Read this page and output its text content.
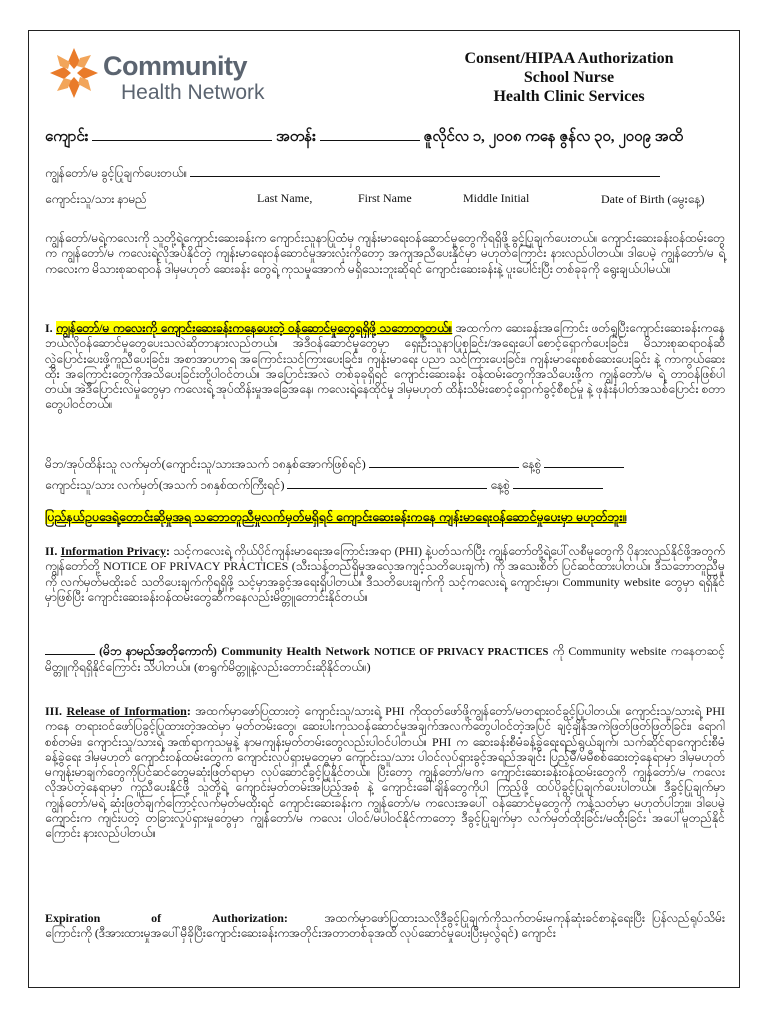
Community
Health Network
Consent/HIPAA Authorization
School Nurse
Health Clinic Services
ကျောင်း	အတန်း	ဇူလိုင်လ ၁, ၂၀၀၈ ကနေ ဇွန်လ ၃၀, ၂၀၀၉ အထိ
ကျွန်တော်/မ ခွင့်ပြုချက်ပေးတယ်။
ကျောင်းသူ/သား နာမည်	Last Name,	First Name	Middle Initial	Date of Birth (မွေးနေ့)
ကျွန်တော်/မရဲ့ကလေးကို သူတို့ရဲ့ကျောင်းဆေးခန်းက ကျောင်းသူနာပြုထံမှ ကျန်းမာရေးဝန်ဆောင်မှုတွေကိုရရှိဖို့ ခွင့်ပြုချက်ပေးတယ်။ ကျောင်းဆေးခန်းဝန်ထမ်းတွေက ကျွန်တော်/မ ကလေးရဲ့လိုအပ်နိုင်တဲ့ ကျန်းမာရေးဝန်ဆောင်မှုအားလုံးကိုတော့ အကျအညီပေးနိုင်မှာ မဟုတ်ကြောင်း နားလည်ပါတယ်။ ဒါပေမဲ့ ကျွန်တော်/မ ရဲ့ကလေးက မိသားစုဆရာဝန် ဒါမှမဟုတ် ဆေးခန်း တွေရဲ့ ကုသမှုအောက် မရှိသေးဘူးဆိုရင် ကျောင်းဆေးခန်းနဲ့ ပူးပေါင်းပြီး တစ်ခုခုကို ရွေးချယ်ပါမယ်။
I. ကျွန်တော်/မ ကလေးကို ကျောင်းဆေးခန်းကနေပေးတဲ့ ဝန်ဆောင်မှုတွေရရှိဖို့ သဘောတူတယ်။ အထက်က ဆေးခန်းအကြောင်း ဖတ်ရှုပြီးကျောင်းဆေးခန်းကနေဘယ်လိုဝန်ဆောင်မှုတွေပေးသလဲဆိုတာနားလည်တယ်။ အဲဒီဝန်ဆောင်မှုတွေမှာ ရှေးဦးသူနာပြုစုခြင်း/အရေးပေါ်စောင့်ရှောက်ပေးခြင်း၊ မိသားစုဆရာဝန်ဆီလွှဲပြောင်းပေးဖို့ကူညီပေးခြင်း၊ အစာအာဟာရ အကြောင်းသင်ကြားပေးခြင်း၊ ကျန်းမာရေး ပညာ သင်ကြားပေးခြင်း၊ ကျန်းမာရေးစစ်ဆေးပေးခြင်း နဲ့ ကာကွယ်ဆေးထိုး အကြောင်းတွေကိုအသိပေးခြင်းတို့ပါဝင်တယ်။ အပြောင်းအလဲ တစ်ခုခုရှိရင် ကျောင်းဆေးခန်း ဝန်ထမ်းတွေကိုအသိပေးဖို့က ကျွန်တော်/မ ရဲ့ တာဝန်ဖြစ်ပါတယ်။ အဲဒီပြောင်းလဲမှုတွေမှာ ကလေးရဲ့ အုပ်ထိန်းမှုအခြေအနေ၊ ကလေးရဲ့နေထိုင်မှု ဒါမှမဟုတ် ထိန်းသိမ်းစောင့်ရှောက်ခွင့်စီစဉ်မှု နဲ့ ဖုန်းနံပါတ်အသစ်ပြောင်း စတာတွေပါဝင်တယ်။
မိဘ/အုပ်ထိန်းသူ လက်မှတ်(ကျောင်းသူ/သားအသက် ၁၈နှစ်အောက်ဖြစ်ရင်)	နေ့စွဲ
ကျောင်းသူ/သား လက်မှတ်(အသက် ၁၈နှစ်ထက်ကြီးရင်)	နေ့စွဲ
ပြည်နယ်ဥပဒေရဲ့တောင်းဆိုမှုအရ သဘောတူညီမှုလက်မှတ်မရှိရင် ကျောင်းဆေးခန်းကနေ ကျန်းမာရေးဝန်ဆောင်မှုပေးမှာ မဟုတ်ဘူး။
II. Information Privacy: သင့်ကလေးရဲ့ ကိုယ်ပိုင်ကျန်းမာရေးအကြောင်းအရာ (PHI) နဲ့ပတ်သက်ပြီး ကျွန်တော်တို့ရဲ့ပေါ်လစီမူတွေကို ပိုနားလည်နိုင်ဖို့အတွက် ကျွန်တော်တို့ NOTICE OF PRIVACY PRACTICES (သီးသန့်တည်ရှိမှုအလေ့အကျင့်သတိပေးချက်) ကို အသေးစိတ် ပြင်ဆင်ထားပါတယ်။ ဒီသဘောတူညီမှုကို လက်မှတ်မထိုးခင် သတိပေးချက်ကိုရရှိဖို့ သင့်မှာအခွင့်အရေးရှိပါတယ်။ ဒီသတိပေးချက်ကို သင့်ကလေးရဲ့ ကျောင်းမှာ၊ Community website တွေမှာ ရရှိနိုင်မှာဖြစ်ပြီး ကျောင်းဆေးခန်းဝန်ထမ်းတွေဆီကနေလည်းမိတ္တူတောင်းနိုင်တယ်။
(မိဘ နာမည်အတိုကောက်) Community Health Network NOTICE OF PRIVACY PRACTICES ကို Community website ကနေတဆင့် မိတ္တူကိုရရှိနိုင်ကြောင်း သိပါတယ်။ (စာရွက်မိတ္တူနဲ့လည်းတောင်းဆိုနိုင်တယ်။)
III. Release of Information: အထက်မှာဖော်ပြထားတဲ့ ကျောင်းသူ/သားရဲ့ PHI ကိုထုတ်ဖော်ဖို့ကျွန်တော်/မတရားဝင်ခွင့်ပြုပါတယ်။ ကျောင်းသူ/သားရဲ့ PHI ကနေ တရားဝင်ဖော်ပြခွင့်ပြုထားတဲ့အထဲမှာ မှတ်တမ်းတွေ၊ ဆေးပါးကုသဝန်ဆောင်မှုအချက်အလက်တွေပါဝင်တဲ့အပြင် ချင့်ချိန်အကဲဖြတ်ဖြတ်ဖြတ်ခြင်း၊ ရောဂါစစ်တမ်း၊ ကျောင်းသူ/သားရဲ့ အဏ်ရာကုသမှုနဲ့ နာမကျန်းမှတ်တမ်းတွေလည်းပါဝင်ပါတယ်။ PHI က ဆေးခန်းစီမံခန့်ခွဲရေးရည်ရွယ်ချက်၊ သက်ဆိုင်ရာကျောင်းစီမံခန့်ခွဲရေး ဒါမှမဟုတ် ကျောင်းဝန်ထမ်းတွေက ကျောင်းလုပ်ရှားမှုတွေမှာ ကျောင်းသူ/သား ပါဝင်လုပ်ရှားခွင့်အရည်အချင်း ပြည့်မီ/မမီစစ်ဆေးတဲ့နေရာမှာ ဒါမှမဟုတ် မကျန်းမာချက်တွေကိုပြင်ဆင်တွေမဆုံးဖြတ်ရာမှာ လုပ်ဆောင်ခွင့်ပြုနိုင်တယ်။ ပြီးတော့ ကျွန်တော်/မက ကျောင်းဆေးခန်းဝန်ထမ်းတွေကို ကျွန်တော်/မ ကလေးလိုအပ်တဲ့နေရာမှာ ကူညီပေးနိုင်ဖို့ သူတို့ရဲ့ ကျောင်းမှတ်တမ်းအပြည့်အစုံ နဲ့ ကျောင်းခေါ်ချိန်တွေကိုပါ ကြည့်ဖို့ ထပ်ပိုခွင့်ပြုချက်ပေးပါတယ်။ ဒီခွင့်ပြုချက်မှာ ကျွန်တော်/မရဲ့ ဆုံးဖြတ်ချက်ကြောင့်လက်မှတ်မထိုးရင် ကျောင်းဆေးခန်းက ကျွန်တော်/မ ကလေးအပေါ် ဝန်ဆောင်မှုတွေကို ကန့်သတ်မှာ မဟုတ်ပါဘူး။ ဒါပေမဲ့ ကျောင်းက ကျင်းပတဲ့ တခြားလှုပ်ရှားမှုတွေမှာ ကျွန်တော်/မ ကလေး ပါဝင်/မပါဝင်နိုင်ကာတော့ ဒီခွင့်ပြုချက်မှာ လက်မှတ်ထိုးခြင်း/မထိုးခြင်း အပေါ်မူတည်နိုင်ကြောင်း နားလည်ပါတယ်။
Expiration	of	Authorization:	အထက်မှာဖော်ပြထားသလိုဒီခွင့်ပြုချက်ကိုသက်တမ်းမကုန်ဆုံးခင်စာနဲ့ရေးပြီး ပြန်လည်ရုပ်သိမ်းကြောင်းကို (ဒီအားထားမှုအပေါ်မှီခိုပြီးကျောင်းဆေးခန်းကအတိုင်းအတာတစ်ခုအထိ လုပ်ဆောင်မှုပေးပြီးမှလွဲရင်) ကျောင်း
